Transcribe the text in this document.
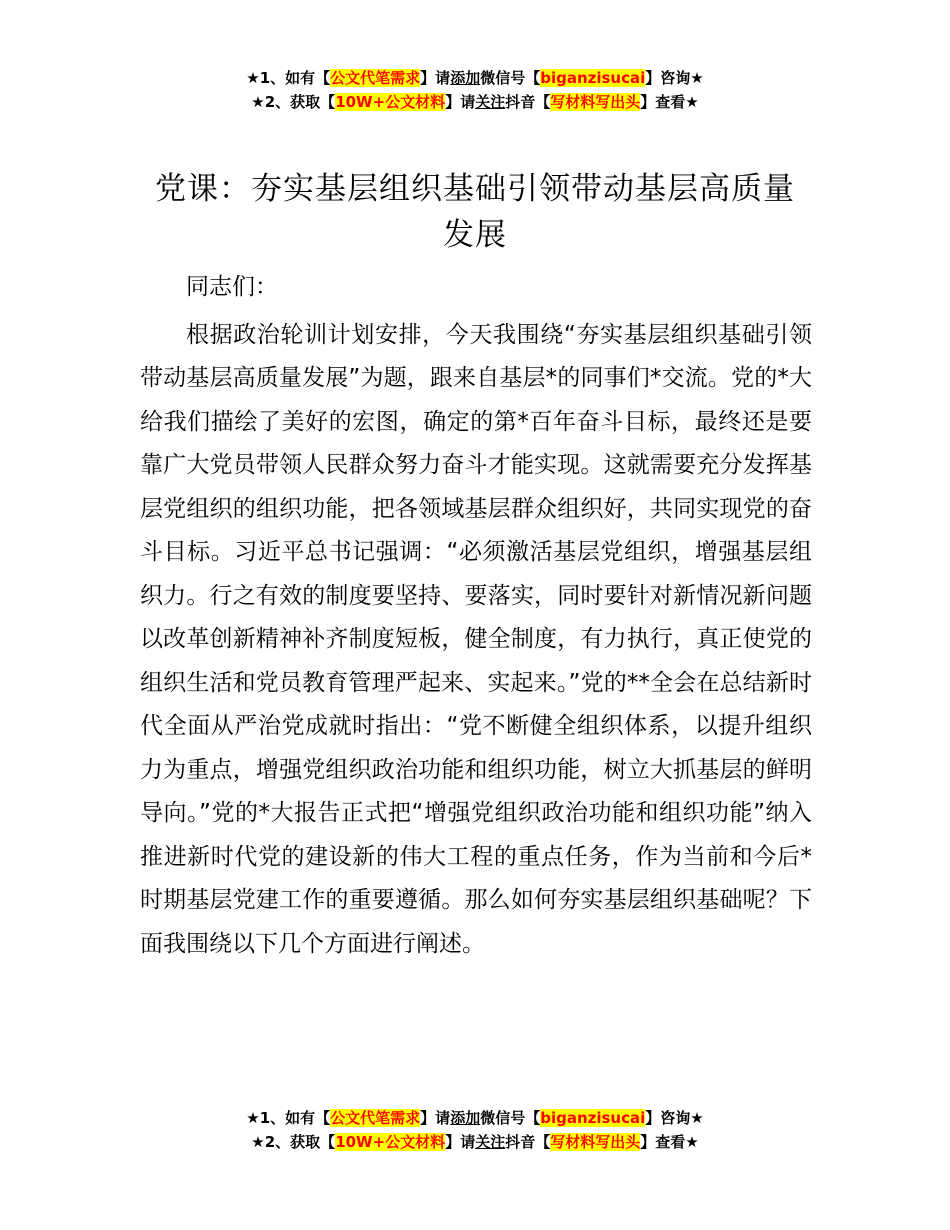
★1、如有【公文代笔需求】请添加微信号【biganzisucai】咨询★
★2、获取【10W+公文材料】请关注抖音【写材料写出头】查看★
党课：夯实基层组织基础引领带动基层高质量发展

同志们：

根据政治轮训计划安排，今天我围绕“夯实基层组织基础引领带动基层高质量发展”为题，跟来自基层*的同事们*交流。党的*大给我们描绘了美好的宏图，确定的第*百年奋斗目标，最终还是要靠广大党员带领人民群众努力奋斗才能实现。这就需要充分发挥基层党组织的组织功能，把各领域基层群众组织好，共同实现党的奋斗目标。习近平总书记强调：“必须激活基层党组织，增强基层组织力。行之有效的制度要坚持、要落实，同时要针对新情况新问题以改革创新精神补齐制度短板，健全制度，有力执行，真正使党的组织生活和党员教育管理严起来、实起来。”党的**全会在总结新时代全面从严治党成就时指出：“党不断健全组织体系，以提升组织力为重点，增强党组织政治功能和组织功能，树立大抓基层的鲜明导向。”党的*大报告正式把“增强党组织政治功能和组织功能”纳入推进新时代党的建设新的伟大工程的重点任务，作为当前和今后*时期基层党建工作的重要遵循。那么如何夯实基层组织基础呢？下面我围绕以下几个方面进行阐述。

★1、如有【公文代笔需求】请添加微信号【biganzisucai】咨询★
★2、获取【10W+公文材料】请关注抖音【写材料写出头】查看★
